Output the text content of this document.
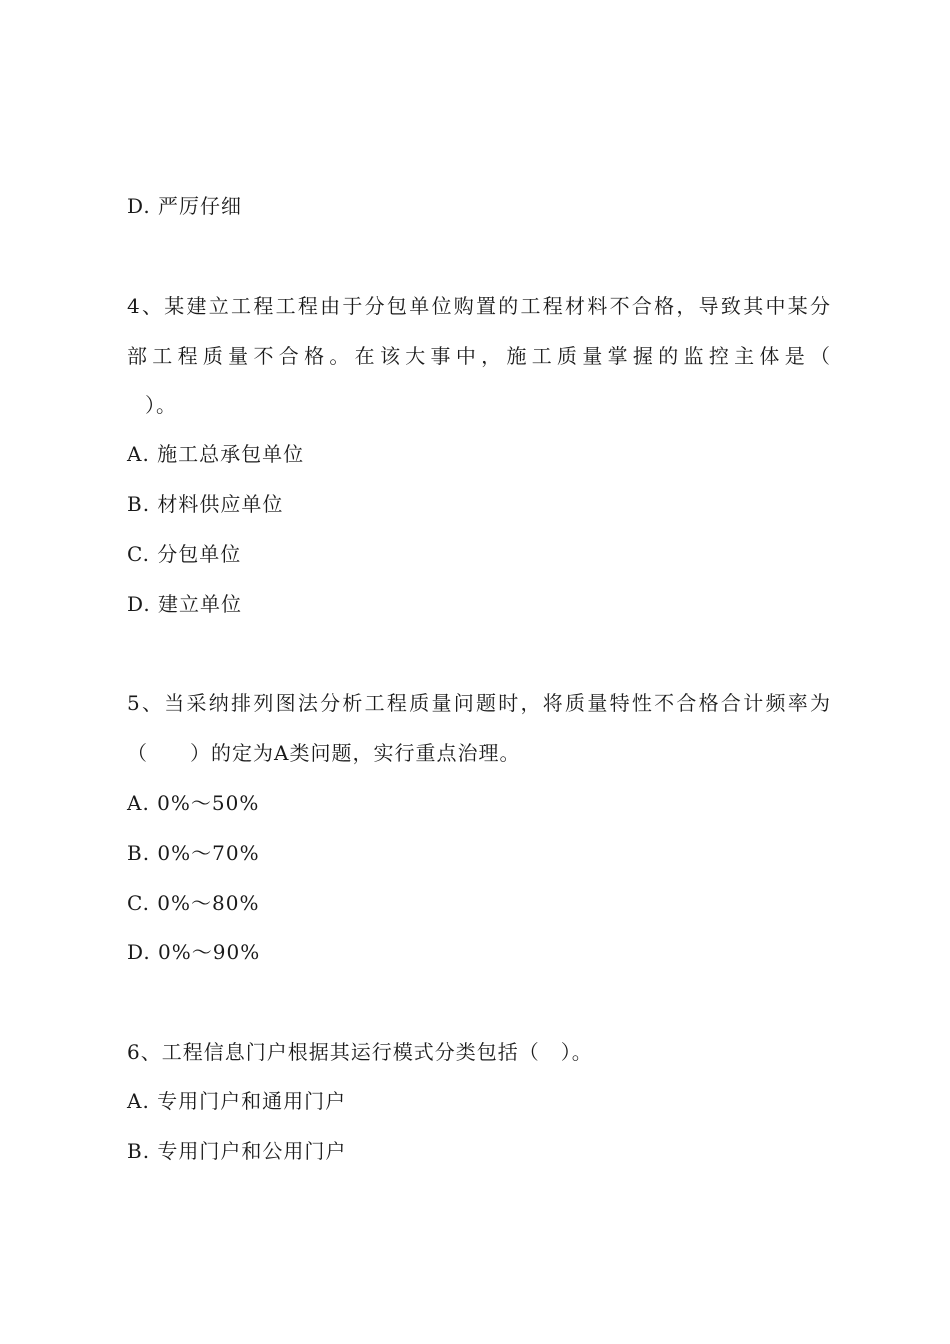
D. 严厉仔细
4、某建立工程工程由于分包单位购置的工程材料不合格，导致其中某分
部工程质量不合格。在该大事中，施工质量掌握的监控主体是（
）。
A. 施工总承包单位
B. 材料供应单位
C. 分包单位
D. 建立单位
5、当采纳排列图法分析工程质量问题时，将质量特性不合格合计频率为
（　　）的定为A类问题，实行重点治理。
A. 0%～50%
B. 0%～70%
C. 0%～80%
D. 0%～90%
6、工程信息门户根据其运行模式分类包括（　）。
A. 专用门户和通用门户
B. 专用门户和公用门户
